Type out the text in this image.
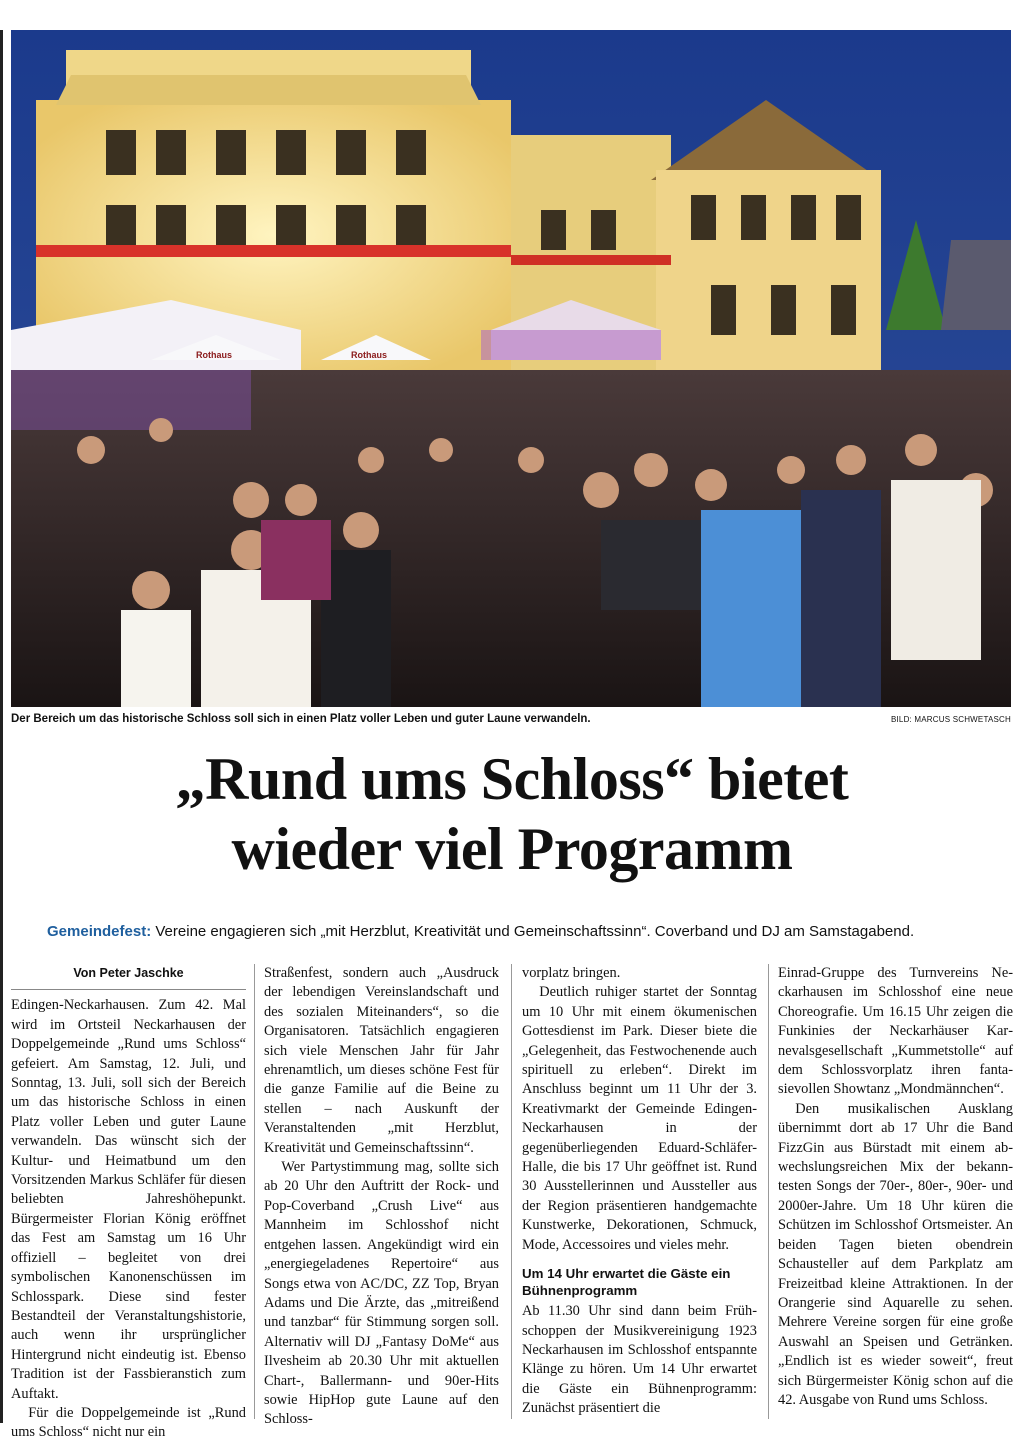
Rothaus	Rothaus
Der Bereich um das historische Schloss soll sich in einen Platz voller Leben und guter Laune verwandeln.	BILD: MARCUS SCHWETASCH
„Rund ums Schloss“ bietet
wieder viel Programm
Gemeindefest: Vereine engagieren sich „mit Herzblut, Kreativität und Gemeinschaftssinn“. Coverband und DJ am Samstagabend.
Von Peter Jaschke

Edingen-Neckarhausen. Zum 42. Mal wird im Ortsteil Neckarhausen der Doppelgemeinde „Rund ums Schloss“ gefeiert. Am Samstag, 12. Juli, und Sonntag, 13. Juli, soll sich der Bereich um das historische Schloss in einen Platz voller Leben und guter Laune verwandeln. Das wünscht sich der Kultur- und Heimatbund um den Vorsitzenden Markus Schläfer für diesen beliebten Jahreshöhepunkt. Bürgermeister Florian König eröffnet das Fest am Samstag um 16 Uhr offiziell – begleitet von drei symbolischen Kanonenschüssen im Schlosspark. Diese sind fester Bestandteil der Veranstaltungshistorie, auch wenn ihr ursprünglicher Hintergrund nicht eindeutig ist. Ebenso Tradition ist der Fassbieranstich zum Auftakt.

Für die Doppelgemeinde ist „Rund ums Schloss“ nicht nur ein

Straßenfest, sondern auch „Ausdruck der lebendigen Vereinslandschaft und des sozialen Miteinanders“, so die Organisatoren. Tatsächlich engagieren sich viele Menschen Jahr für Jahr ehrenamtlich, um dieses schöne Fest für die ganze Familie auf die Beine zu stellen – nach Auskunft der Veranstaltenden „mit Herzblut, Kreativität und Gemeinschaftssinn“.

Wer Partystimmung mag, sollte sich ab 20 Uhr den Auftritt der Rock- und Pop-Coverband „Crush Live“ aus Mannheim im Schlosshof nicht entgehen lassen. Angekündigt wird ein „energiegeladenes Repertoire“ aus Songs etwa von AC/DC, ZZ Top, Bryan Adams und Die Ärzte, das „mitreißend und tanzbar“ für Stimmung sorgen soll. Alternativ will DJ „Fantasy DoMe“ aus Ilvesheim ab 20.30 Uhr mit aktuellen Chart-, Ballermann- und 90er-Hits sowie HipHop gute Laune auf den Schloss-

vorplatz bringen.

Deutlich ruhiger startet der Sonntag um 10 Uhr mit einem ökumenischen Gottesdienst im Park. Dieser biete die „Gelegenheit, das Festwochenende auch spirituell zu erleben“. Direkt im Anschluss beginnt um 11 Uhr der 3. Kreativmarkt der Gemeinde Edingen-Neckarhausen in der gegenüberliegenden Eduard-Schläfer-Halle, die bis 17 Uhr geöffnet ist. Rund 30 Ausstellerinnen und Aussteller aus der Region präsentieren handgemachte Kunstwerke, Dekorationen, Schmuck, Mode, Accessoires und vieles mehr.

Um 14 Uhr erwartet die Gäste ein Bühnenprogramm

Ab 11.30 Uhr sind dann beim Frühschoppen der Musikvereinigung 1923 Neckarhausen im Schlosshof entspannte Klänge zu hören. Um 14 Uhr erwartet die Gäste ein Bühnenprogramm: Zunächst präsentiert die

Einrad-Gruppe des Turnvereins Neckarhausen im Schlosshof eine neue Choreografie. Um 16.15 Uhr zeigen die Funkinies der Neckarhäuser Karnevalsgesellschaft „Kummetstolle“ auf dem Schlossvorplatz ihren fantasievollen Showtanz „Mondmännchen“.

Den musikalischen Ausklang übernimmt dort ab 17 Uhr die Band FizzGin aus Bürstadt mit einem abwechslungsreichen Mix der bekanntesten Songs der 70er-, 80er-, 90er- und 2000er-Jahre. Um 18 Uhr küren die Schützen im Schlosshof Ortsmeister. An beiden Tagen bieten obendrein Schausteller auf dem Parkplatz am Freizeitbad kleine Attraktionen. In der Orangerie sind Aquarelle zu sehen. Mehrere Vereine sorgen für eine große Auswahl an Speisen und Getränken. „Endlich ist es wieder soweit“, freut sich Bürgermeister König schon auf die 42. Ausgabe von Rund ums Schloss.
